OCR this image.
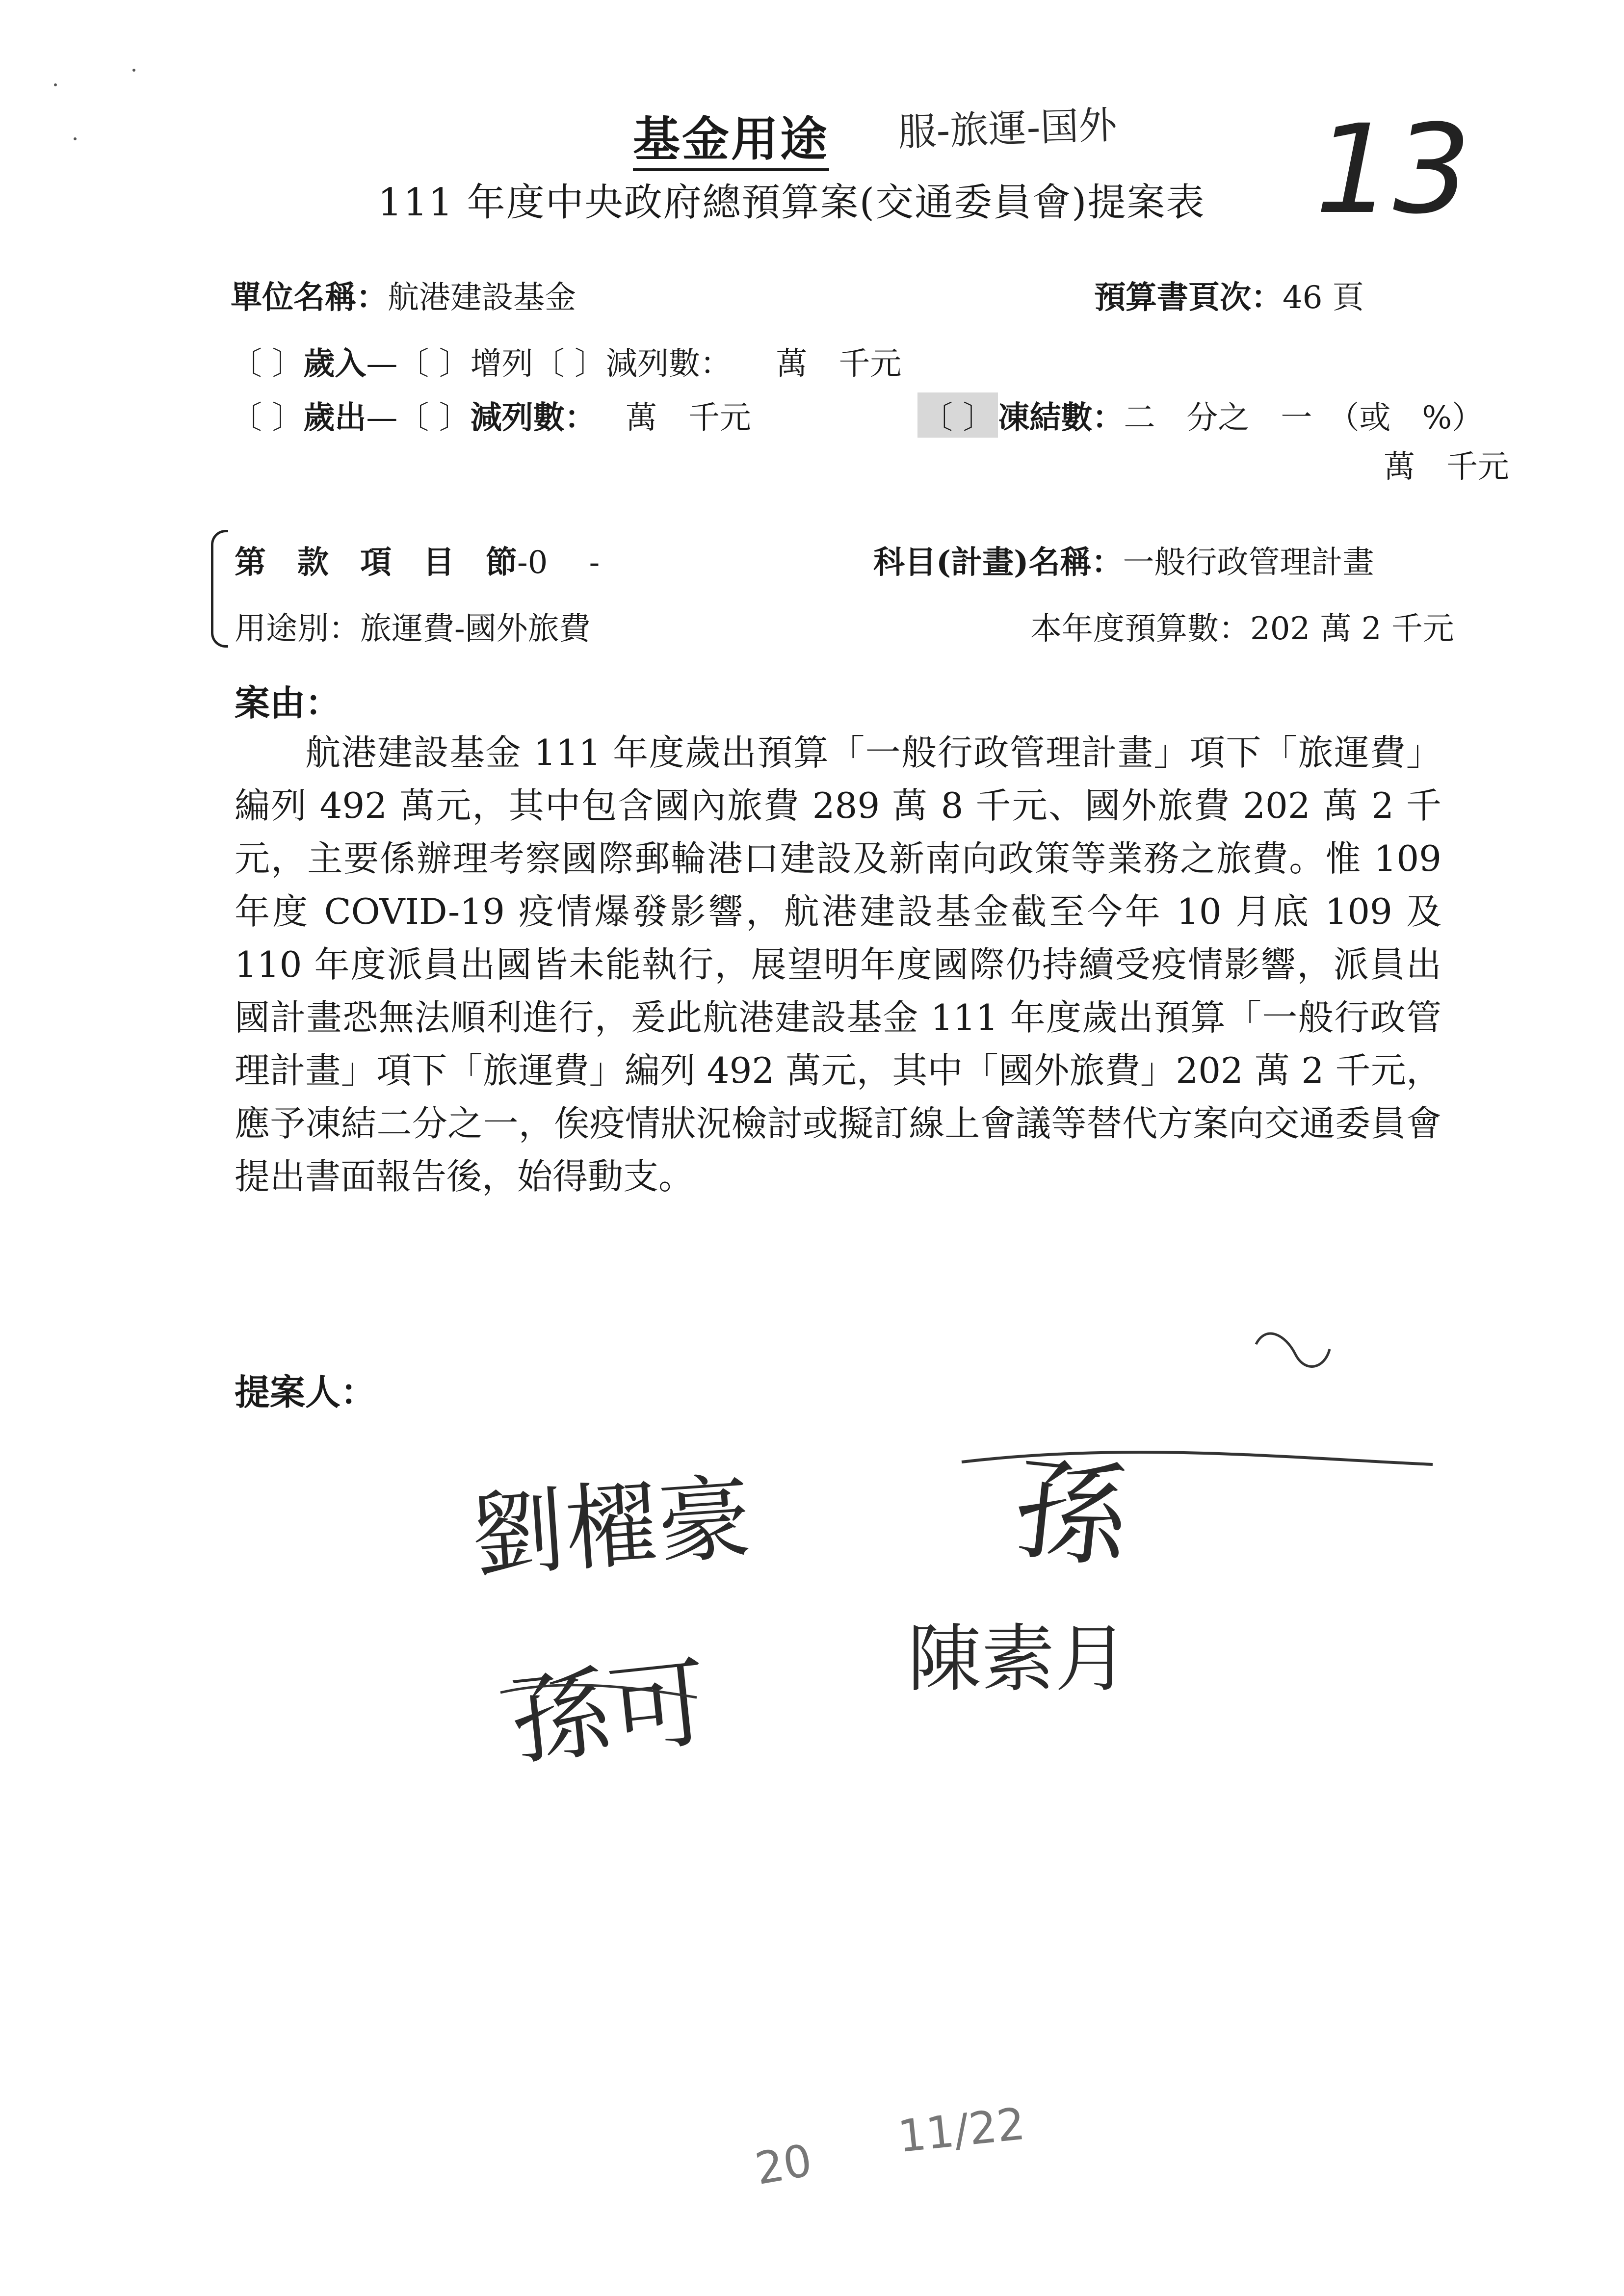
基金用途 服-旅運-国外 13
111 年度中央政府總預算案(交通委員會)提案表
單位名稱：航港建設基金	預算書頁次：46 頁
〔 〕歲入—〔 〕增列〔 〕減列數： 萬　千元
〔 〕歲出—〔 〕減列數： 萬　千元	〔 〕 凍結數：二　分之　一　（或　%）
萬　千元
第　款　項　目　節-0　 -	科目(計畫)名稱：一般行政管理計畫
用途別：旅運費-國外旅費	本年度預算數：202 萬 2 千元
案由：
航港建設基金 111 年度歲出預算「一般行政管理計畫」項下「旅運費」編列 492 萬元，其中包含國內旅費 289 萬 8 千元、國外旅費 202 萬 2 千元，主要係辦理考察國際郵輪港口建設及新南向政策等業務之旅費。惟 109 年度 COVID-19 疫情爆發影響，航港建設基金截至今年 10 月底 109 及 110 年度派員出國皆未能執行，展望明年度國際仍持續受疫情影響，派員出國計畫恐無法順利進行，爰此航港建設基金 111 年度歲出預算「一般行政管理計畫」項下「旅運費」編列 492 萬元，其中「國外旅費」202 萬 2 千元，應予凍結二分之一，俟疫情狀況檢討或擬訂線上會議等替代方案向交通委員會提出書面報告後，始得動支。
提案人：
劉櫂豪 孫
陳素月
孫可
20
11/22
